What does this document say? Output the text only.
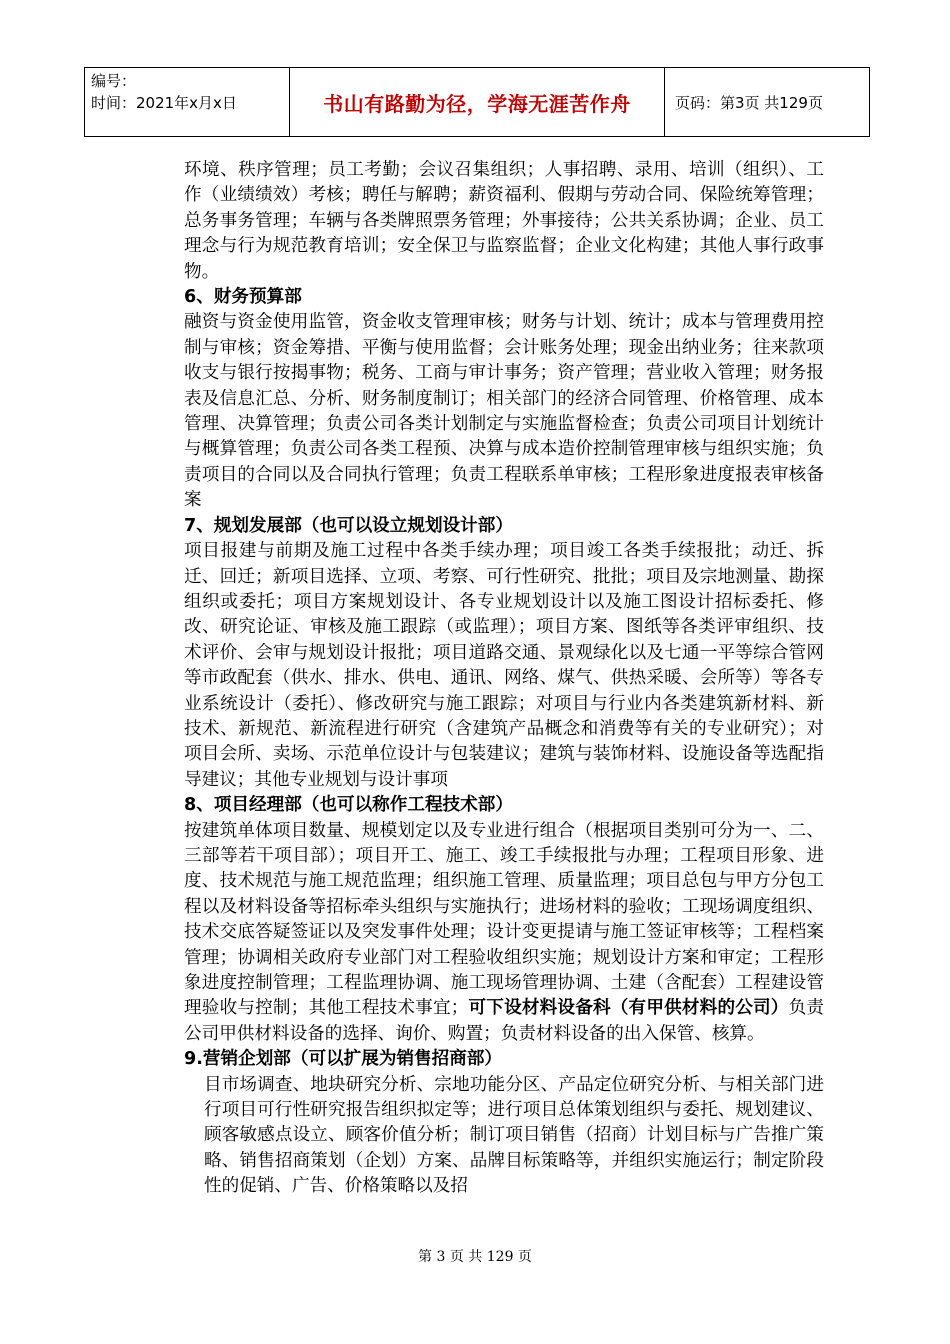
编号：
时间：2021年x月x日	书山有路勤为径，学海无涯苦作舟	页码：第3页 共129页

环境、秩序管理；员工考勤；会议召集组织；人事招聘、录用、培训（组织）、工作（业绩绩效）考核；聘任与解聘；薪资福利、假期与劳动合同、保险统筹管理；总务事务管理；车辆与各类牌照票务管理；外事接待；公共关系协调；企业、员工理念与行为规范教育培训；安全保卫与监察监督；企业文化构建；其他人事行政事物。

6、财务预算部

融资与资金使用监管，资金收支管理审核；财务与计划、统计；成本与管理费用控制与审核；资金筹措、平衡与使用监督；会计账务处理；现金出纳业务；往来款项收支与银行按揭事物；税务、工商与审计事务；资产管理；营业收入管理；财务报表及信息汇总、分析、财务制度制订；相关部门的经济合同管理、价格管理、成本管理、决算管理；负责公司各类计划制定与实施监督检查；负责公司项目计划统计与概算管理；负责公司各类工程预、决算与成本造价控制管理审核与组织实施；负责项目的合同以及合同执行管理；负责工程联系单审核；工程形象进度报表审核备案

7、规划发展部（也可以设立规划设计部）

项目报建与前期及施工过程中各类手续办理；项目竣工各类手续报批；动迁、拆迁、回迁；新项目选择、立项、考察、可行性研究、批批；项目及宗地测量、勘探组织或委托；项目方案规划设计、各专业规划设计以及施工图设计招标委托、修改、研究论证、审核及施工跟踪（或监理）；项目方案、图纸等各类评审组织、技术评价、会审与规划设计报批；项目道路交通、景观绿化以及七通一平等综合管网等市政配套（供水、排水、供电、通讯、网络、煤气、供热采暖、会所等）等各专业系统设计（委托）、修改研究与施工跟踪；对项目与行业内各类建筑新材料、新技术、新规范、新流程进行研究（含建筑产品概念和消费等有关的专业研究）；对项目会所、卖场、示范单位设计与包装建议；建筑与装饰材料、设施设备等选配指导建议；其他专业规划与设计事项

8、项目经理部（也可以称作工程技术部）

按建筑单体项目数量、规模划定以及专业进行组合（根据项目类别可分为一、二、三部等若干项目部）；项目开工、施工、竣工手续报批与办理；工程项目形象、进度、技术规范与施工规范监理；组织施工管理、质量监理；项目总包与甲方分包工程以及材料设备等招标牵头组织与实施执行；进场材料的验收；工现场调度组织、技术交底答疑签证以及突发事件处理；设计变更提请与施工签证审核等；工程档案管理；协调相关政府专业部门对工程验收组织实施；规划设计方案和审定；工程形象进度控制管理；工程监理协调、施工现场管理协调、土建（含配套）工程建设管理验收与控制；其他工程技术事宜；可下设材料设备科（有甲供材料的公司）负责公司甲供材料设备的选择、询价、购置；负责材料设备的出入保管、核算。

9.营销企划部（可以扩展为销售招商部）

目市场调查、地块研究分析、宗地功能分区、产品定位研究分析、与相关部门进行项目可行性研究报告组织拟定等；进行项目总体策划组织与委托、规划建议、顾客敏感点设立、顾客价值分析；制订项目销售（招商）计划目标与广告推广策略、销售招商策划（企划）方案、品牌目标策略等，并组织实施运行；制定阶段性的促销、广告、价格策略以及招

第 3 页 共 129 页
